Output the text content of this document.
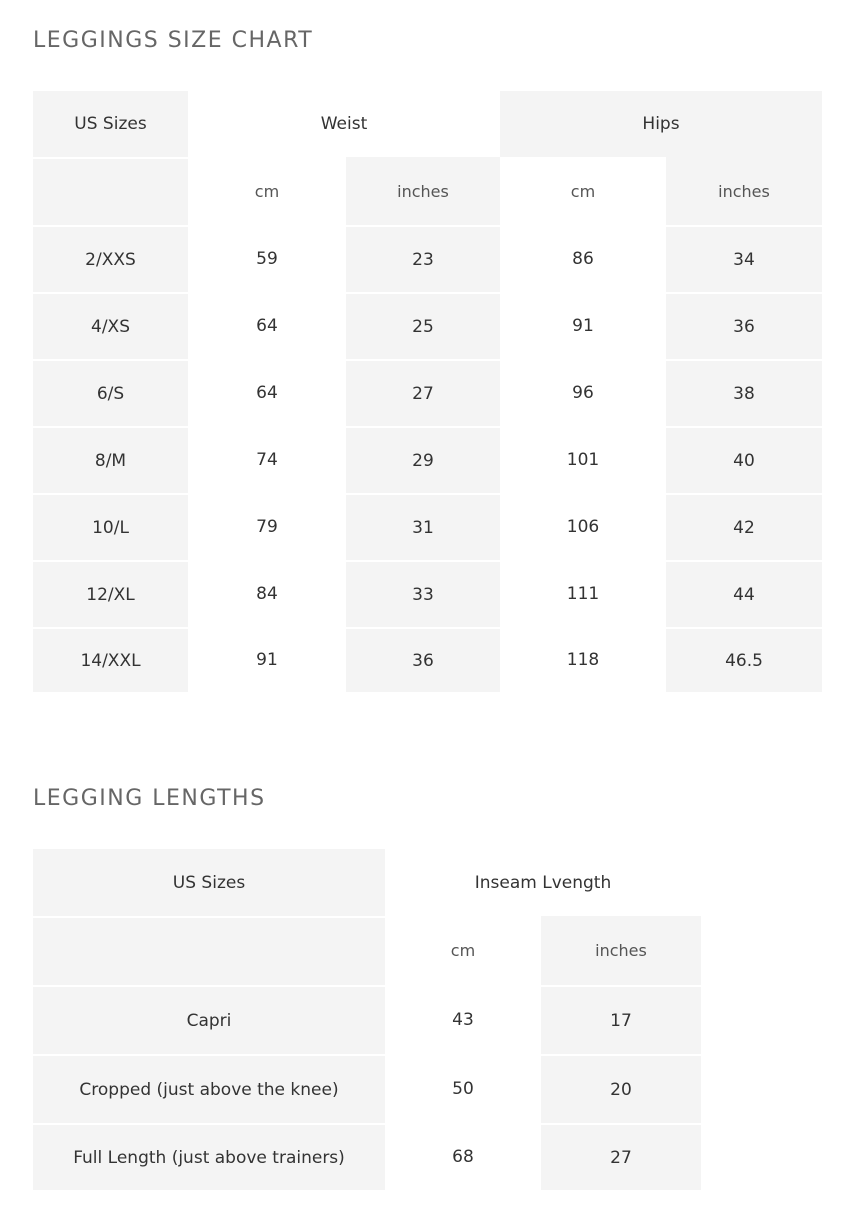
LEGGINGS SIZE CHART
US Sizes	Weist	Hips
cm	inches	cm	inches
2/XXS	59	23	86	34
4/XS	64	25	91	36
6/S	64	27	96	38
8/M	74	29	101	40
10/L	79	31	106	42
12/XL	84	33	111	44
14/XXL	91	36	118	46.5
LEGGING LENGTHS
US Sizes	Inseam Lvength
cm	inches
Capri	43	17
Cropped (just above the knee)	50	20
Full Length (just above trainers)	68	27
